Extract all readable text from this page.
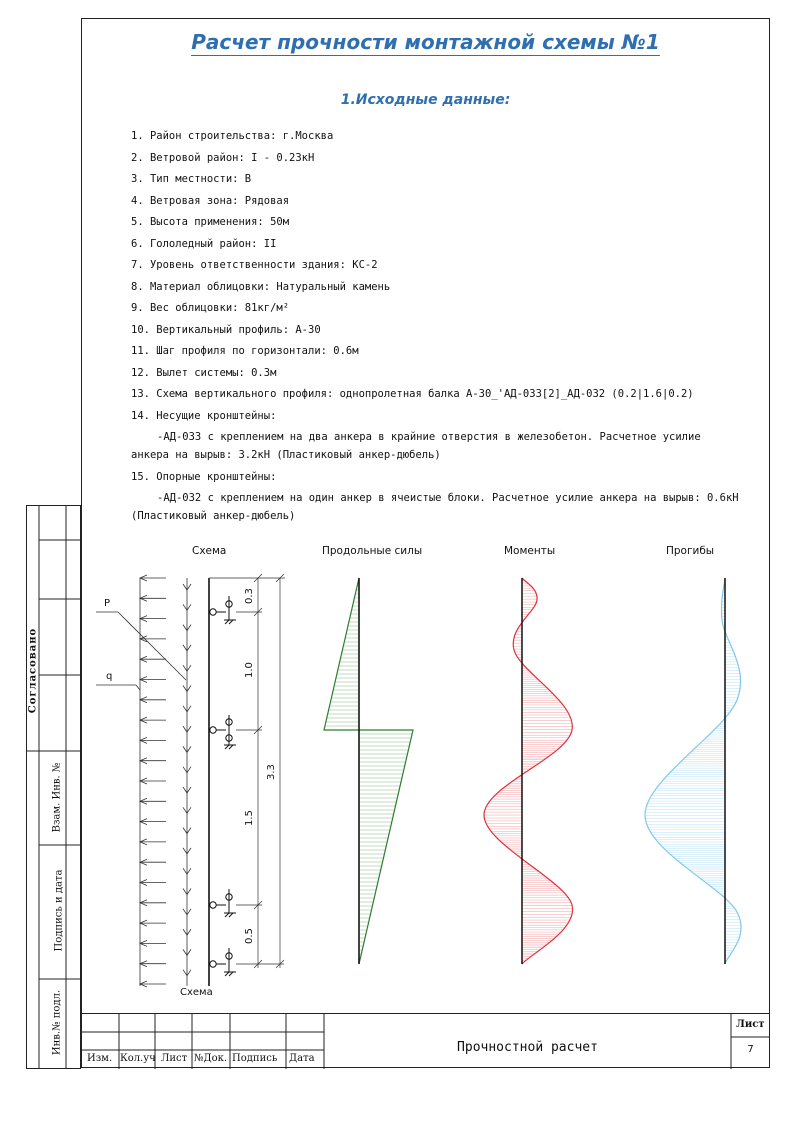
Расчет прочности монтажной схемы №1
1.Исходные данные:
1. Район строительства: г.Москва
2. Ветровой район: I - 0.23кН
3. Тип местности: В
4. Ветровая зона: Рядовая
5. Высота применения: 50м
6. Гололедный район: II
7. Уровень ответственности здания: КС-2
8. Материал облицовки: Натуральный камень
9. Вес облицовки: 81кг/м²
10. Вертикальный профиль: А-30
11. Шаг профиля по горизонтали: 0.6м
12. Вылет системы: 0.3м
13. Схема вертикального профиля: однопролетная балка А-30_'АД-033[2]_АД-032 (0.2|1.6|0.2)
14. Несущие кронштейны:
-АД-033 с креплением на два анкера в крайние отверстия в железобетон. Расчетное усилие анкера на вырыв: 3.2кН (Пластиковый анкер-дюбель)
15. Опорные кронштейны:
-АД-032 с креплением на один анкер в ячеистые блоки. Расчетное усилие анкера на вырыв: 0.6кН (Пластиковый анкер-дюбель)
Схема	Продольные силы	Моменты	Прогибы
0.3
1.0
1.5
0.5
3.3
P
q
Схема
Согласовано
Взам. Инв. №
Подпись и дата
Инв.№ подл.
Изм. Кол.уч Лист №Док. Подпись Дата
Прочностной расчет
Лист
7
